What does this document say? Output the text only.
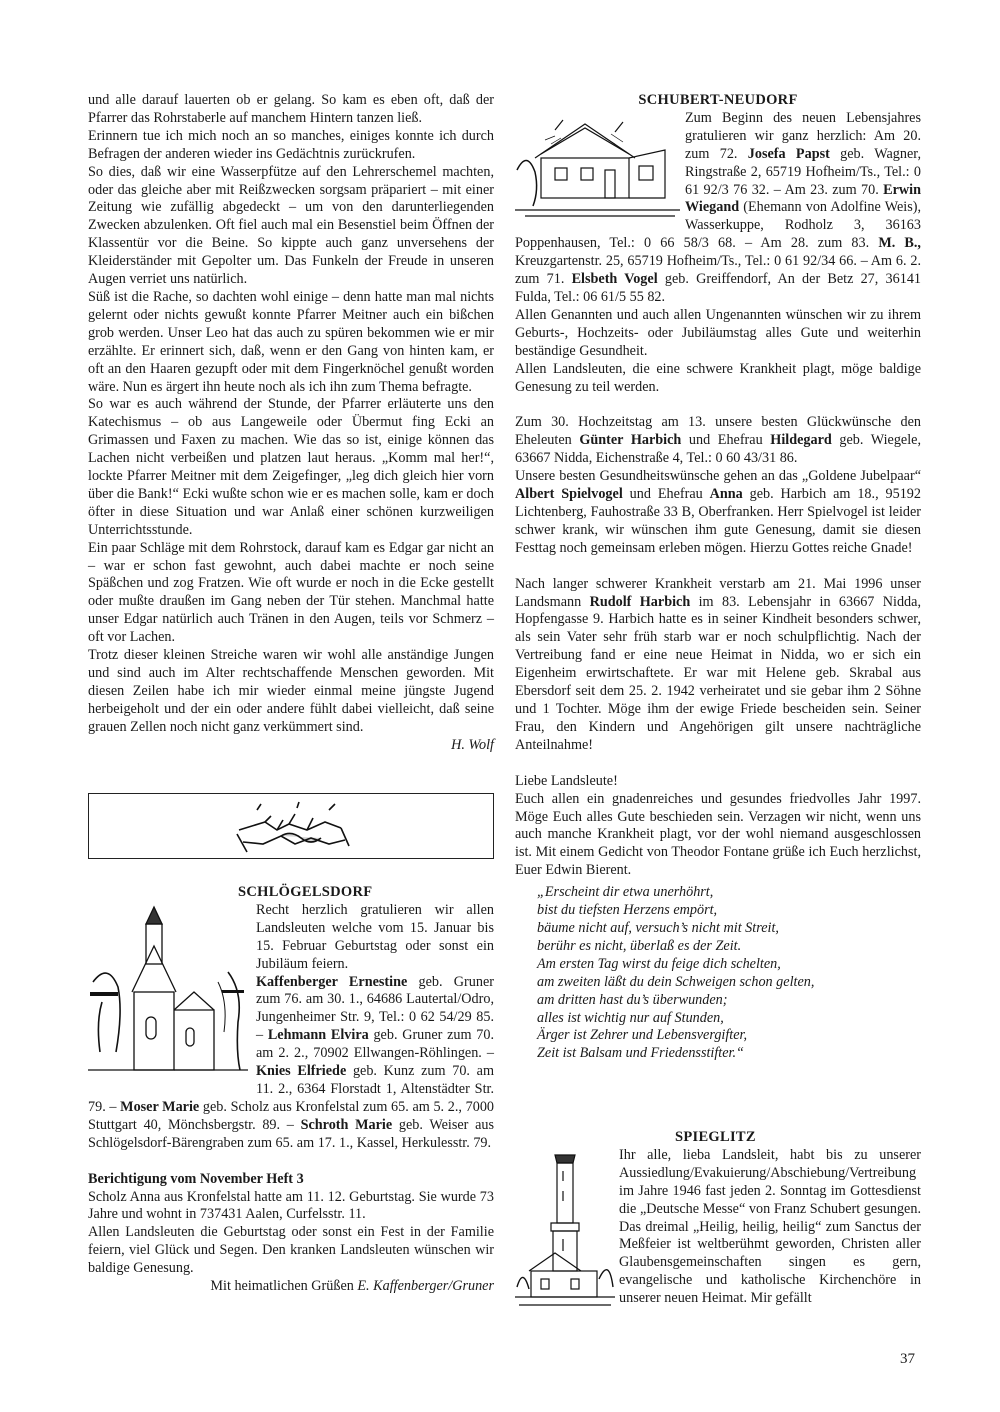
und alle darauf lauerten ob er gelang. So kam es eben oft, daß der Pfarrer das Rohrstaberle auf manchem Hintern tanzen ließ.

Erinnern tue ich mich noch an so manches, einiges konnte ich durch Befragen der anderen wieder ins Gedächtnis zurückrufen.

So dies, daß wir eine Wasserpfütze auf den Lehrerschemel machten, oder das gleiche aber mit Reißzwecken sorgsam präpariert – mit einer Zeitung wie zufällig abgedeckt – um von den darunterliegenden Zwecken abzulenken. Oft fiel auch mal ein Besenstiel beim Öffnen der Klassentür vor die Beine. So kippte auch ganz unversehens der Kleiderständer mit Gepolter um. Das Funkeln der Freude in unseren Augen verriet uns natürlich.

Süß ist die Rache, so dachten wohl einige – denn hatte man mal nichts gelernt oder nichts gewußt konnte Pfarrer Meitner auch ein bißchen grob werden. Unser Leo hat das auch zu spüren bekommen wie er mir erzählte. Er erinnert sich, daß, wenn er den Gang von hinten kam, er oft an den Haaren gezupft oder mit dem Fingerknöchel genußt worden wäre. Nun es ärgert ihn heute noch als ich ihn zum Thema befragte.

So war es auch während der Stunde, der Pfarrer erläuterte uns den Katechismus – ob aus Langeweile oder Übermut fing Ecki an Grimassen und Faxen zu machen. Wie das so ist, einige können das Lachen nicht verbeißen und platzen laut heraus. „Komm mal her!“, lockte Pfarrer Meitner mit dem Zeigefinger, „leg dich gleich hier vorn über die Bank!“ Ecki wußte schon wie er es machen solle, kam er doch öfter in diese Situation und war Anlaß einer schönen kurzweiligen Unterrichtsstunde.

Ein paar Schläge mit dem Rohrstock, darauf kam es Edgar gar nicht an – war er schon fast gewohnt, auch dabei machte er noch seine Späßchen und zog Fratzen. Wie oft wurde er noch in die Ecke gestellt oder mußte draußen im Gang neben der Tür stehen. Manchmal hatte unser Edgar natürlich auch Tränen in den Augen, teils vor Schmerz – oft vor Lachen.

Trotz dieser kleinen Streiche waren wir wohl alle anständige Jungen und sind auch im Alter rechtschaffende Menschen geworden. Mit diesen Zeilen habe ich mir wieder einmal meine jüngste Jugend herbeigeholt und der ein oder andere fühlt dabei vielleicht, daß seine grauen Zellen noch nicht ganz verkümmert sind.

H. Wolf

SCHLÖGELSDORF

Recht herzlich gratulieren wir allen Landsleuten welche vom 15. Januar bis 15. Februar Geburtstag oder sonst ein Jubiläum feiern.

Kaffenberger Ernestine geb. Gruner zum 76. am 30. 1., 64686 Lautertal/Odro, Jungenheimer Str. 9, Tel.: 0 62 54/29 85. – Lehmann Elvira geb. Gruner zum 70. am 2. 2., 70902 Ellwangen-Röhlingen. – Knies Elfriede geb. Kunz zum 70. am 11. 2., 6364 Florstadt 1, Altenstädter Str. 79. – Moser Marie geb. Scholz aus Kronfelstal zum 65. am 5. 2., 7000 Stuttgart 40, Mönchsbergstr. 89. – Schroth Marie geb. Weiser aus Schlögelsdorf-Bärengraben zum 65. am 17. 1., Kassel, Herkulesstr. 79.

Berichtigung vom November Heft 3

Scholz Anna aus Kronfelstal hatte am 11. 12. Geburtstag. Sie wurde 73 Jahre und wohnt in 737431 Aalen, Curfelsstr. 11.

Allen Landsleuten die Geburtstag oder sonst ein Fest in der Familie feiern, viel Glück und Segen. Den kranken Landsleuten wünschen wir baldige Genesung.

Mit heimatlichen Grüßen E. Kaffenberger/Gruner

SCHUBERT-NEUDORF

Zum Beginn des neuen Lebensjahres gratulieren wir ganz herzlich: Am 20. zum 72. Josefa Papst geb. Wagner, Ringstraße 2, 65719 Hofheim/Ts., Tel.: 0 61 92/3 76 32. – Am 23. zum 70. Erwin Wiegand (Ehemann von Adolfine Weis), Wasserkuppe, Rodholz 3, 36163 Poppenhausen, Tel.: 0 66 58/3 68. – Am 28. zum 83. M. B., Kreuzgartenstr. 25, 65719 Hofheim/Ts., Tel.: 0 61 92/34 66. – Am 6. 2. zum 71. Elsbeth Vogel geb. Greiffendorf, An der Betz 27, 36141 Fulda, Tel.: 06 61/5 55 82.

Allen Genannten und auch allen Ungenannten wünschen wir zu ihrem Geburts-, Hochzeits- oder Jubiläumstag alles Gute und weiterhin beständige Gesundheit.

Allen Landsleuten, die eine schwere Krankheit plagt, möge baldige Genesung zu teil werden.

Zum 30. Hochzeitstag am 13. unsere besten Glückwünsche den Eheleuten Günter Harbich und Ehefrau Hildegard geb. Wiegele, 63667 Nidda, Eichenstraße 4, Tel.: 0 60 43/31 86.

Unsere besten Gesundheitswünsche gehen an das „Goldene Jubelpaar“ Albert Spielvogel und Ehefrau Anna geb. Harbich am 18., 95192 Lichtenberg, Fauhostraße 33 B, Oberfranken. Herr Spielvogel ist leider schwer krank, wir wünschen ihm gute Genesung, damit sie diesen Festtag noch gemeinsam erleben mögen. Hierzu Gottes reiche Gnade!

Nach langer schwerer Krankheit verstarb am 21. Mai 1996 unser Landsmann Rudolf Harbich im 83. Lebensjahr in 63667 Nidda, Hopfengasse 9. Harbich hatte es in seiner Kindheit besonders schwer, als sein Vater sehr früh starb war er noch schulpflichtig. Nach der Vertreibung fand er eine neue Heimat in Nidda, wo er sich ein Eigenheim erwirtschaftete. Er war mit Helene geb. Skrabal aus Ebersdorf seit dem 25. 2. 1942 verheiratet und sie gebar ihm 2 Söhne und 1 Tochter. Möge ihm der ewige Friede bescheiden sein. Seiner Frau, den Kindern und Angehörigen gilt unsere nachträgliche Anteilnahme!

Liebe Landsleute!

Euch allen ein gnadenreiches und gesundes friedvolles Jahr 1997. Möge Euch alles Gute beschieden sein. Verzagen wir nicht, wenn uns auch manche Krankheit plagt, vor der wohl niemand ausgeschlossen ist. Mit einem Gedicht von Theodor Fontane grüße ich Euch herzlichst, Euer Edwin Bierent.

„Erscheint dir etwa unerhöhrt,

bist du tiefsten Herzens empört,

bäume nicht auf, versuch’s nicht mit Streit,

berühr es nicht, überlaß es der Zeit.

Am ersten Tag wirst du feige dich schelten,

am zweiten läßt du dein Schweigen schon gelten,

am dritten hast du’s überwunden;

alles ist wichtig nur auf Stunden,

Ärger ist Zehrer und Lebensvergifter,

Zeit ist Balsam und Friedensstifter.“

SPIEGLITZ

Ihr alle, lieba Landsleit, habt bis zu unserer Aussiedlung/Evakuierung/Abschiebung/Vertreibung im Jahre 1946 fast jeden 2. Sonntag im Gottesdienst die „Deutsche Messe“ von Franz Schubert gesungen. Das dreimal „Heilig, heilig, heilig“ zum Sanctus der Meßfeier ist weltberühmt geworden, Christen aller Glaubensgemeinschaften singen es gern, evangelische und katholische Kirchenchöre in unserer neuen Heimat. Mir gefällt

37
